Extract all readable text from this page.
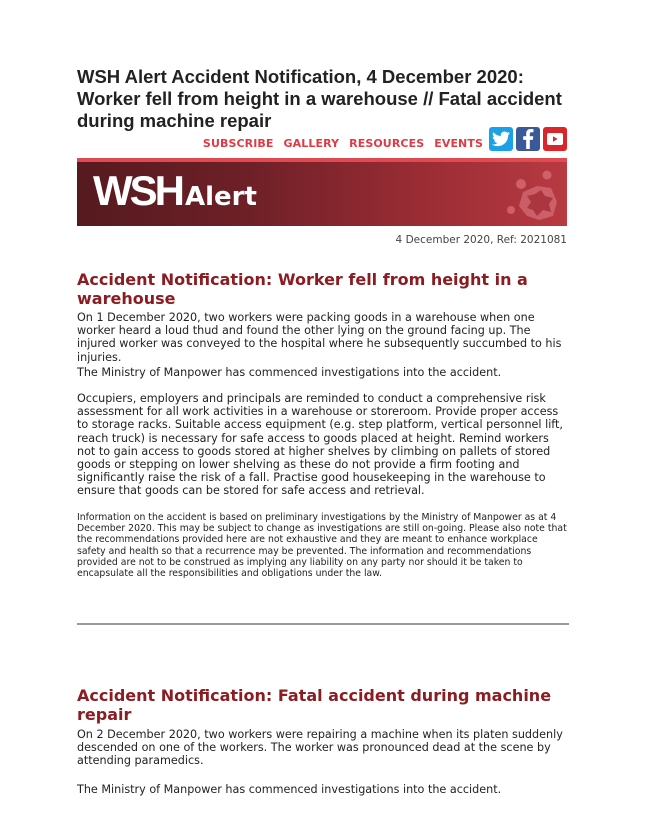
WSH Alert Accident Notification, 4 December 2020: Worker fell from height in a warehouse // Fatal accident during machine repair
SUBSCRIBE GALLERY RESOURCES EVENTS
WSH Alert
4 December 2020, Ref: 2021081
Accident Notification: Worker fell from height in a warehouse

On 1 December 2020, two workers were packing goods in a warehouse when one worker heard a loud thud and found the other lying on the ground facing up. The injured worker was conveyed to the hospital where he subsequently succumbed to his injuries.

The Ministry of Manpower has commenced investigations into the accident.

Occupiers, employers and principals are reminded to conduct a comprehensive risk assessment for all work activities in a warehouse or storeroom. Provide proper access to storage racks. Suitable access equipment (e.g. step platform, vertical personnel lift, reach truck) is necessary for safe access to goods placed at height. Remind workers not to gain access to goods stored at higher shelves by climbing on pallets of stored goods or stepping on lower shelving as these do not provide a firm footing and significantly raise the risk of a fall. Practise good housekeeping in the warehouse to ensure that goods can be stored for safe access and retrieval.

Information on the accident is based on preliminary investigations by the Ministry of Manpower as at 4 December 2020. This may be subject to change as investigations are still on-going. Please also note that the recommendations provided here are not exhaustive and they are meant to enhance workplace safety and health so that a recurrence may be prevented. The information and recommendations provided are not to be construed as implying any liability on any party nor should it be taken to encapsulate all the responsibilities and obligations under the law.

Accident Notification: Fatal accident during machine repair

On 2 December 2020, two workers were repairing a machine when its platen suddenly descended on one of the workers. The worker was pronounced dead at the scene by attending paramedics.

The Ministry of Manpower has commenced investigations into the accident.
